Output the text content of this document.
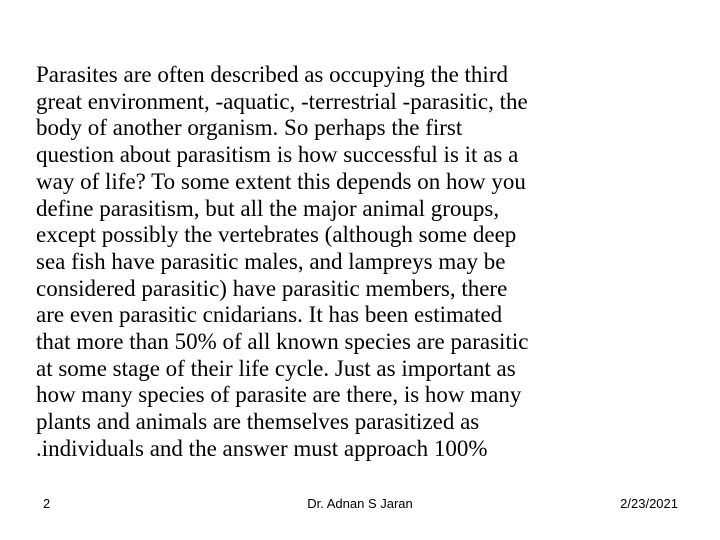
Parasites are often described as occupying the third
great environment, -aquatic, -terrestrial -parasitic, the
body of another organism. So perhaps the first
question about parasitism is how successful is it as a
way of life? To some extent this depends on how you
define parasitism, but all the major animal groups,
except possibly the vertebrates (although some deep
sea fish have parasitic males, and lampreys may be
considered parasitic) have parasitic members, there
are even parasitic cnidarians. It has been estimated
that more than 50% of all known species are parasitic
at some stage of their life cycle. Just as important as
how many species of parasite are there, is how many
plants and animals are themselves parasitized as
.individuals and the answer must approach 100%

Dr. Adnan S Jaran
2	2/23/2021
